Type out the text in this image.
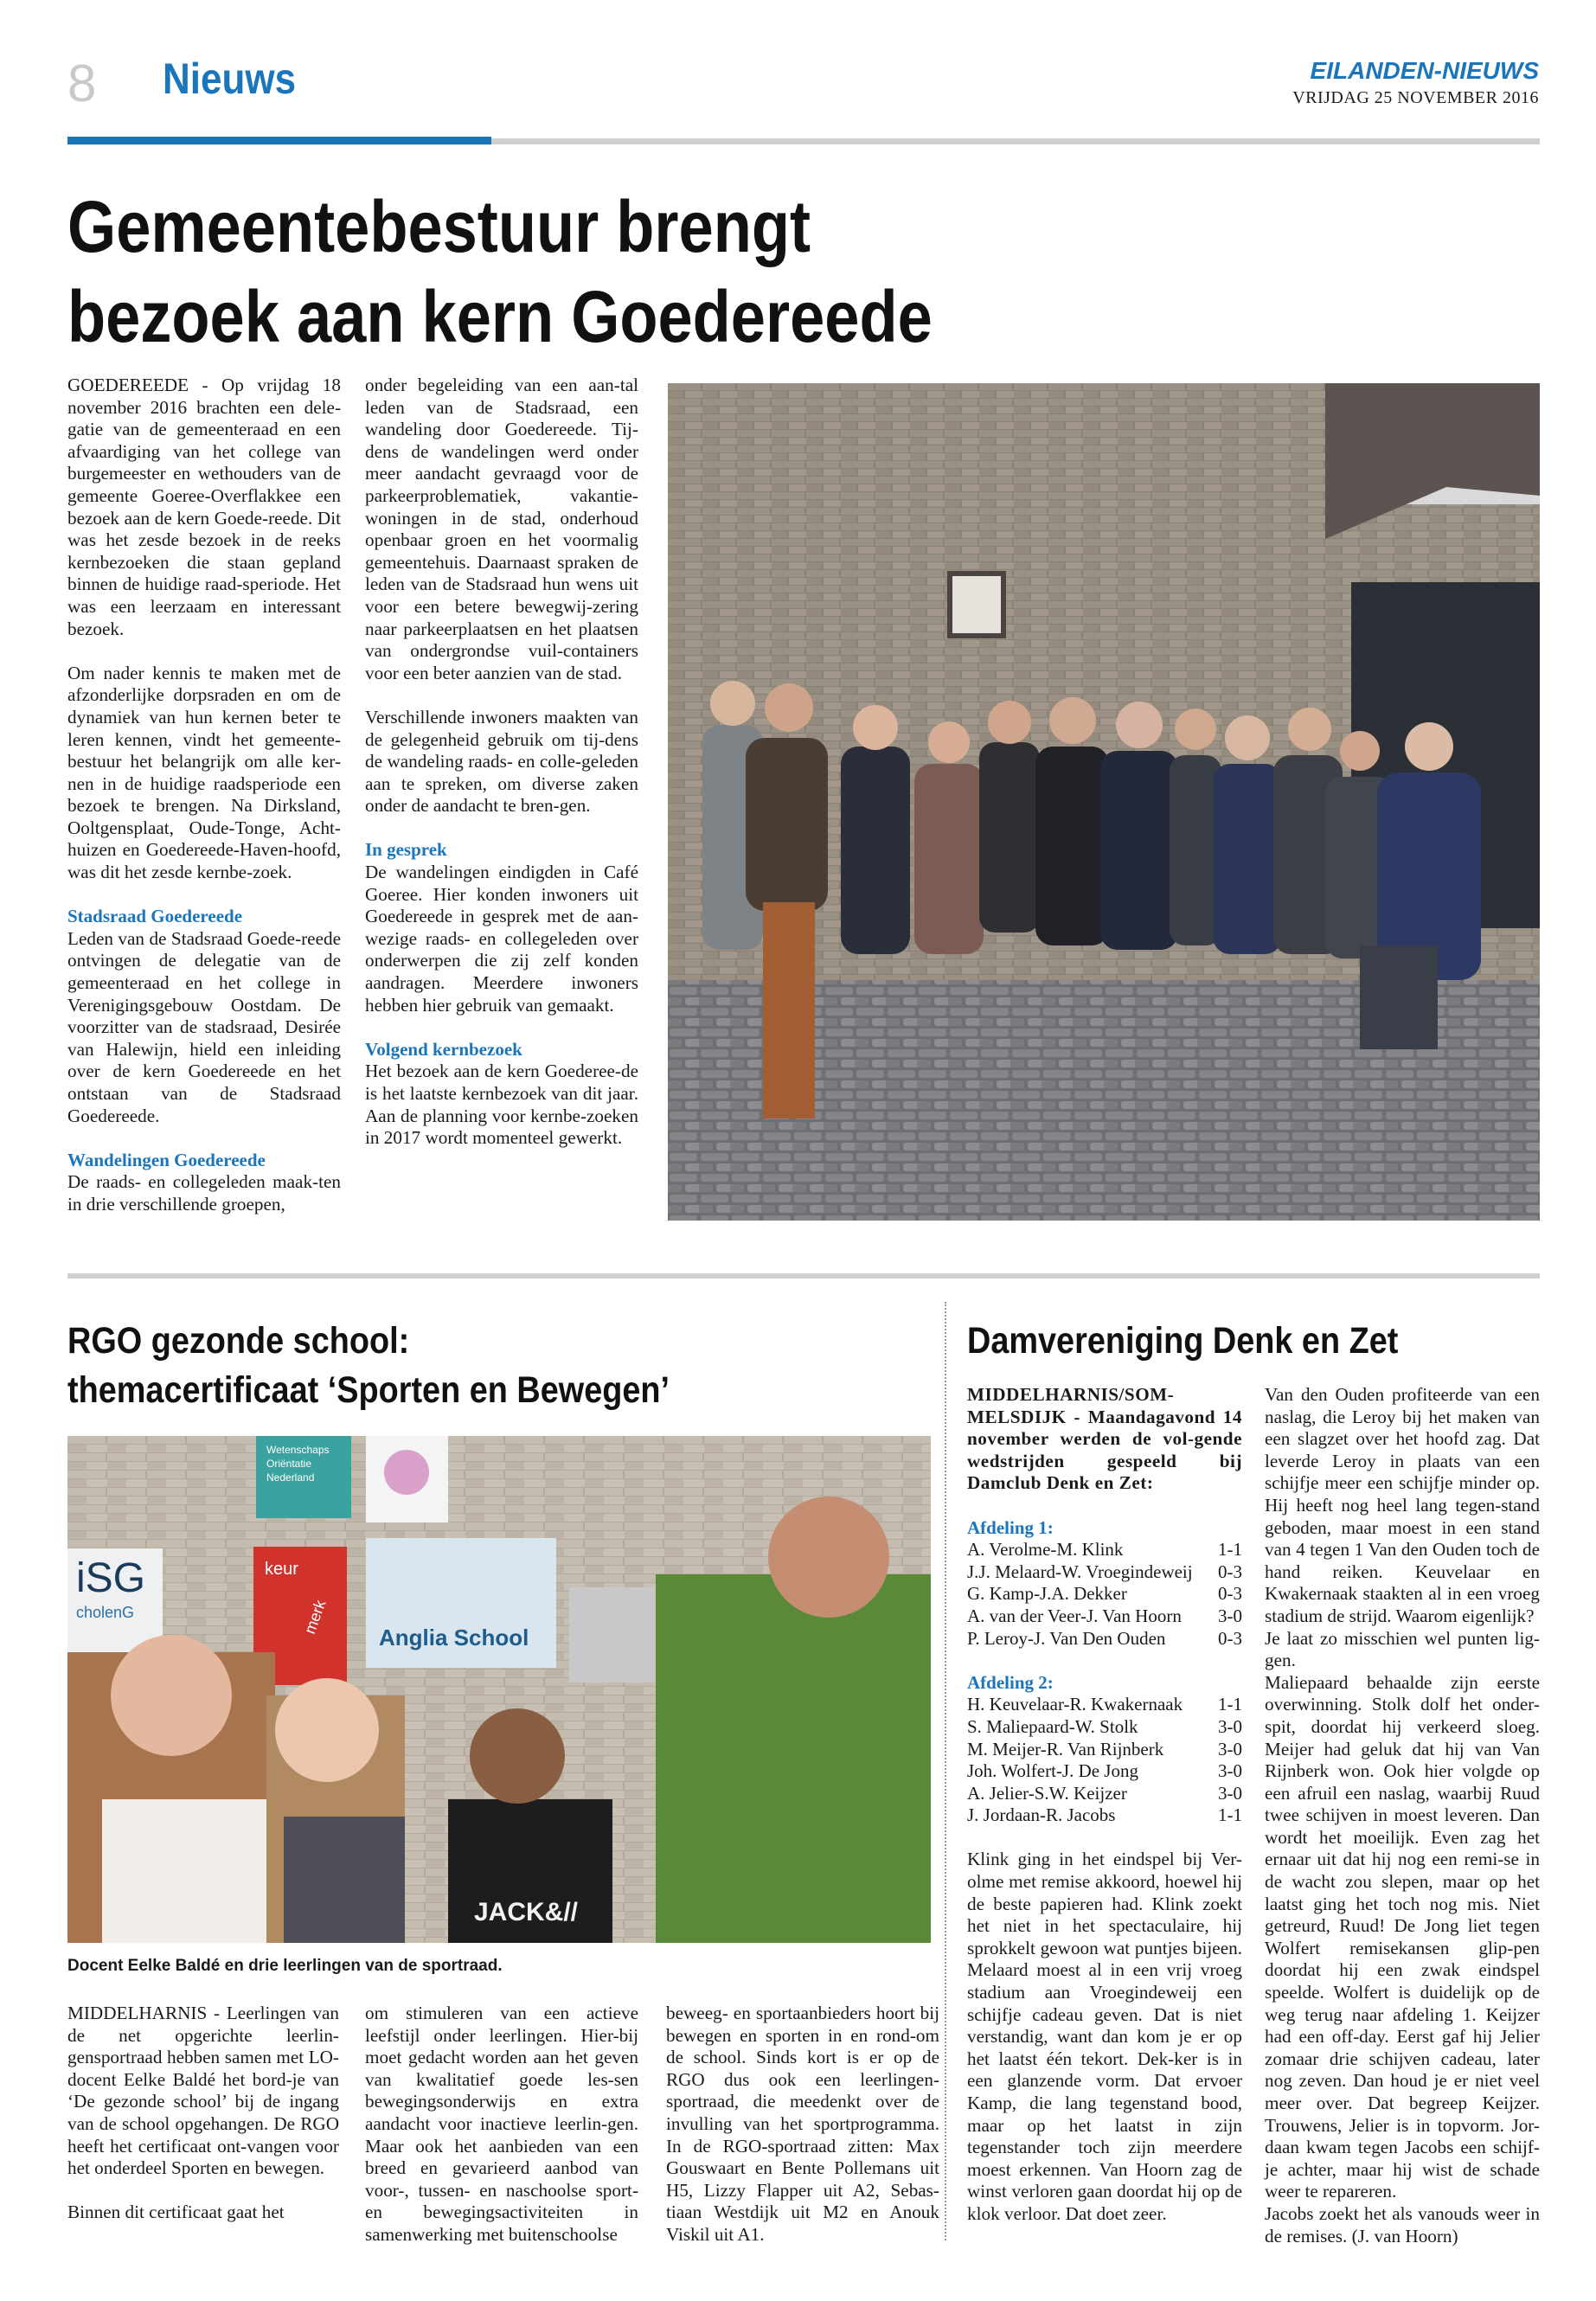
8 Nieuws	EILANDEN-NIEUWS
VRIJDAG 25 NOVEMBER 2016
Gemeentebestuur brengt
bezoek aan kern Goedereede

GOEDEREEDE - Op vrijdag 18 november 2016 brachten een dele-gatie van de gemeenteraad en een afvaardiging van het college van burgemeester en wethouders van de gemeente Goeree-Overflakkee een bezoek aan de kern Goede-reede. Dit was het zesde bezoek in de reeks kernbezoeken die staan gepland binnen de huidige raad-speriode. Het was een leerzaam en interessant bezoek.

Om nader kennis te maken met de afzonderlijke dorpsraden en om de dynamiek van hun kernen beter te leren kennen, vindt het gemeente-bestuur het belangrijk om alle ker-nen in de huidige raadsperiode een bezoek te brengen. Na Dirksland, Ooltgensplaat, Oude-Tonge, Acht-huizen en Goedereede-Haven-hoofd, was dit het zesde kernbe-zoek.

Stadsraad Goedereede

Leden van de Stadsraad Goede-reede ontvingen de delegatie van de gemeenteraad en het college in Verenigingsgebouw Oostdam. De voorzitter van de stadsraad, Desirée van Halewijn, hield een inleiding over de kern Goedereede en het ontstaan van de Stadsraad Goedereede.

Wandelingen Goedereede

De raads- en collegeleden maak-ten in drie verschillende groepen,

onder begeleiding van een aan-tal leden van de Stadsraad, een wandeling door Goedereede. Tij-dens de wandelingen werd onder meer aandacht gevraagd voor de parkeerproblematiek, vakantie-woningen in de stad, onderhoud openbaar groen en het voormalig gemeentehuis. Daarnaast spraken de leden van de Stadsraad hun wens uit voor een betere bewegwij-zering naar parkeerplaatsen en het plaatsen van ondergrondse vuil-containers voor een beter aanzien van de stad.

Verschillende inwoners maakten van de gelegenheid gebruik om tij-dens de wandeling raads- en colle-geleden aan te spreken, om diverse zaken onder de aandacht te bren-gen.

In gesprek

De wandelingen eindigden in Café Goeree. Hier konden inwoners uit Goedereede in gesprek met de aan-wezige raads- en collegeleden over onderwerpen die zij zelf konden aandragen. Meerdere inwoners hebben hier gebruik van gemaakt.

Volgend kernbezoek

Het bezoek aan de kern Goederee-de is het laatste kernbezoek van dit jaar. Aan de planning voor kernbe-zoeken in 2017 wordt momenteel gewerkt.

RGO gezonde school:
themacertificaat ‘Sporten en Bewegen’
iSG
cholenG
Wetenschaps
Oriëntatie
Nederland
keur
merk
Anglia School
JACK&//
Docent Eelke Baldé en drie leerlingen van de sportraad.

MIDDELHARNIS - Leerlingen van de net opgerichte leerlin-gensportraad hebben samen met LO-docent Eelke Baldé het bord-je van ‘De gezonde school’ bij de ingang van de school opgehangen. De RGO heeft het certificaat ont-vangen voor het onderdeel Sporten en bewegen.

Binnen dit certificaat gaat het

om stimuleren van een actieve leefstijl onder leerlingen. Hier-bij moet gedacht worden aan het geven van kwalitatief goede les-sen bewegingsonderwijs en extra aandacht voor inactieve leerlin-gen. Maar ook het aanbieden van een breed en gevarieerd aanbod van voor-, tussen- en naschoolse sport- en bewegingsactiviteiten in samenwerking met buitenschoolse

beweeg- en sportaanbieders hoort bij bewegen en sporten in en rond-om de school. Sinds kort is er op de RGO dus ook een leerlingen-sportraad, die meedenkt over de invulling van het sportprogramma. In de RGO-sportraad zitten: Max Gouswaart en Bente Pollemans uit H5, Lizzy Flapper uit A2, Sebas-tiaan Westdijk uit M2 en Anouk Viskil uit A1.

Damvereniging Denk en Zet

MIDDELHARNIS/SOM-MELSDIJK - Maandagavond 14 november werden de vol-gende wedstrijden gespeeld bij Damclub Denk en Zet:

Afdeling 1:
A. Verolme-M. Klink	1-1
J.J. Melaard-W. Vroegindeweij 0-3
G. Kamp-J.A. Dekker	0-3
A. van der Veer-J. Van Hoorn 3-0
P. Leroy-J. Van Den Ouden	0-3
Afdeling 2:
H. Keuvelaar-R. Kwakernaak 1-1
S. Maliepaard-W. Stolk	3-0
M. Meijer-R. Van Rijnberk	3-0
Joh. Wolfert-J. De Jong	3-0
A. Jelier-S.W. Keijzer	3-0
J. Jordaan-R. Jacobs	1-1

Klink ging in het eindspel bij Ver-olme met remise akkoord, hoewel hij de beste papieren had. Klink zoekt het niet in het spectaculaire, hij sprokkelt gewoon wat puntjes bijeen. Melaard moest al in een vrij vroeg stadium aan Vroegindeweij een schijfje cadeau geven. Dat is niet verstandig, want dan kom je er op het laatst één tekort. Dek-ker is in een glanzende vorm. Dat ervoer Kamp, die lang tegenstand bood, maar op het laatst in zijn tegenstander toch zijn meerdere moest erkennen. Van Hoorn zag de winst verloren gaan doordat hij op de klok verloor. Dat doet zeer.

Van den Ouden profiteerde van een naslag, die Leroy bij het maken van een slagzet over het hoofd zag. Dat leverde Leroy in plaats van een schijfje meer een schijfje minder op. Hij heeft nog heel lang tegen-stand geboden, maar moest in een stand van 4 tegen 1 Van den Ouden toch de hand reiken. Keuvelaar en Kwakernaak staakten al in een vroeg stadium de strijd. Waarom eigenlijk?

Je laat zo misschien wel punten lig-gen.

Maliepaard behaalde zijn eerste overwinning. Stolk dolf het onder-spit, doordat hij verkeerd sloeg. Meijer had geluk dat hij van Van Rijnberk won. Ook hier volgde op een afruil een naslag, waarbij Ruud twee schijven in moest leveren. Dan wordt het moeilijk. Even zag het ernaar uit dat hij nog een remi-se in de wacht zou slepen, maar op het laatst ging het toch nog mis. Niet getreurd, Ruud! De Jong liet tegen Wolfert remisekansen glip-pen doordat hij een zwak eindspel speelde. Wolfert is duidelijk op de weg terug naar afdeling 1. Keijzer had een off-day. Eerst gaf hij Jelier zomaar drie schijven cadeau, later nog zeven. Dan houd je er niet veel meer over. Dat begreep Keijzer. Trouwens, Jelier is in topvorm. Jor-daan kwam tegen Jacobs een schijf-je achter, maar hij wist de schade weer te repareren.

Jacobs zoekt het als vanouds weer in de remises. (J. van Hoorn)
